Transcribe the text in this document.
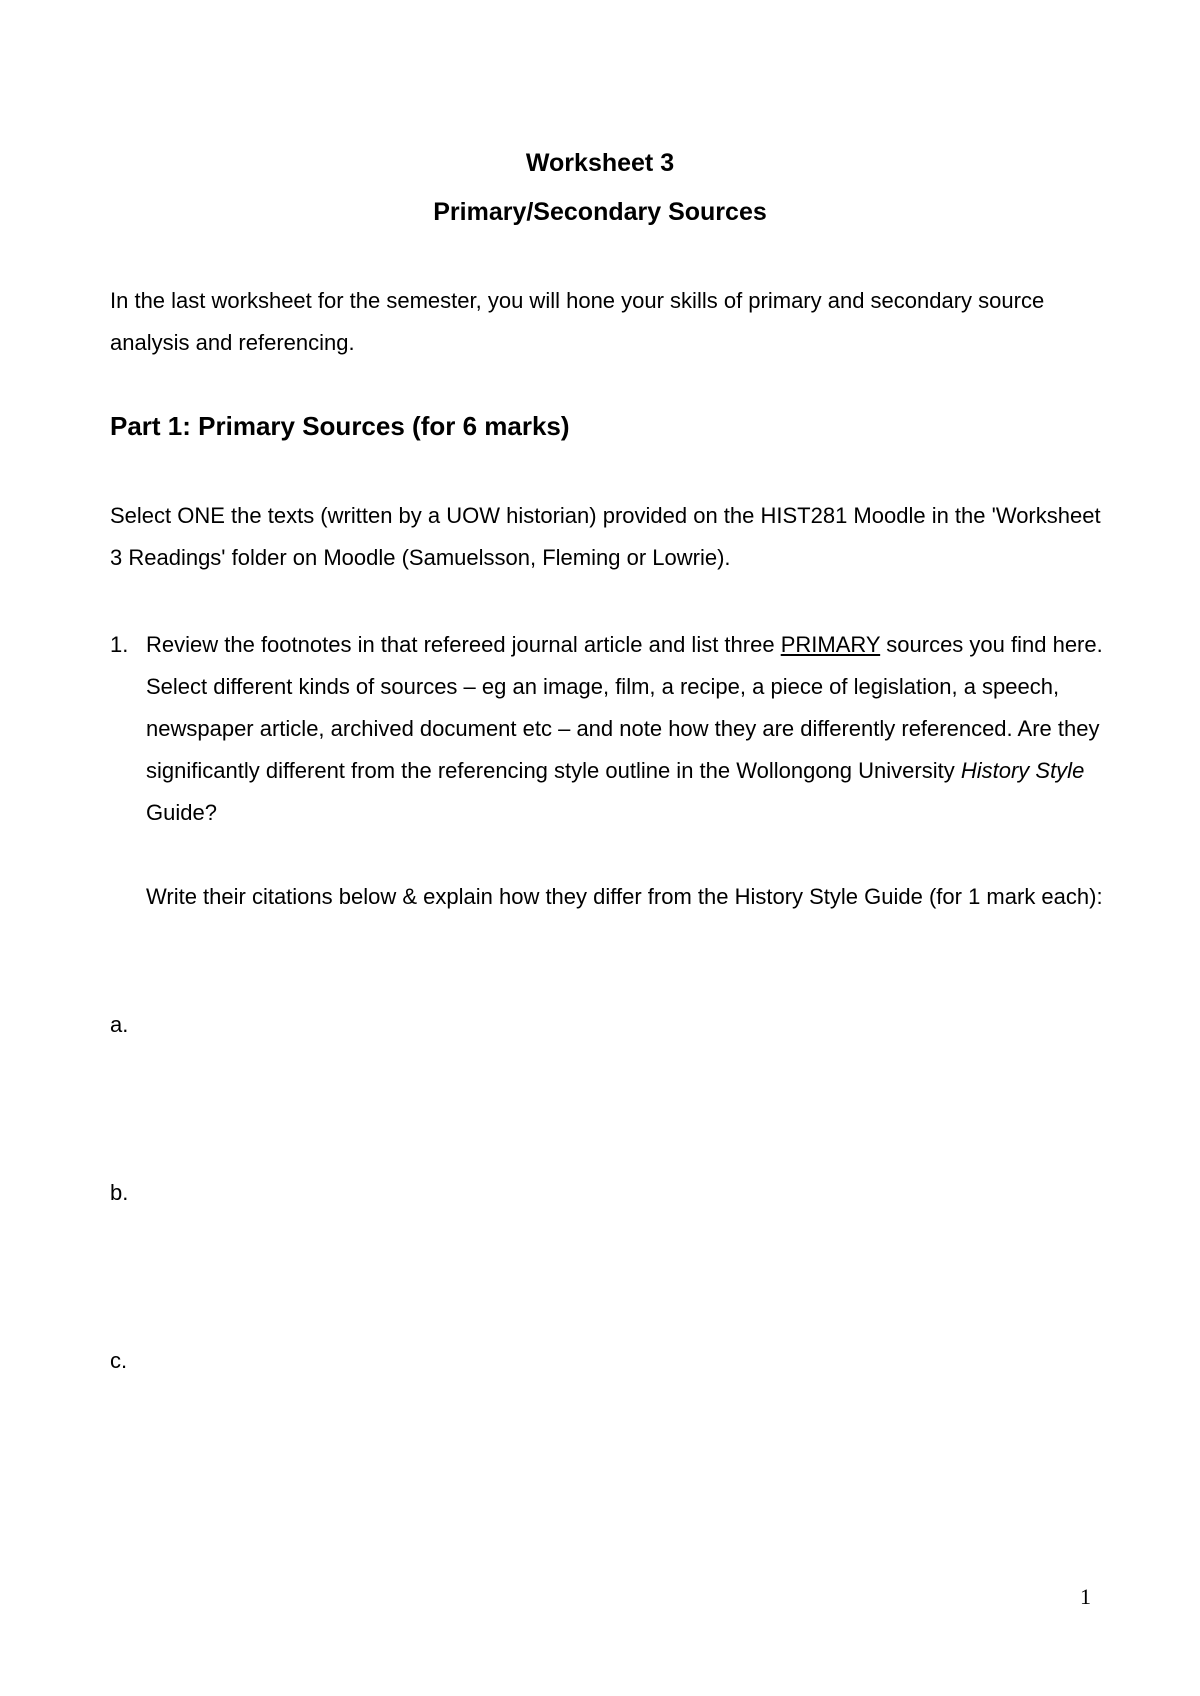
Worksheet 3
Primary/Secondary Sources

In the last worksheet for the semester, you will hone your skills of primary and secondary source analysis and referencing.

Part 1: Primary Sources (for 6 marks)

Select ONE the texts (written by a UOW historian) provided on the HIST281 Moodle in the 'Worksheet 3 Readings' folder on Moodle (Samuelsson, Fleming or Lowrie).

1. Review the footnotes in that refereed journal article and list three PRIMARY sources you find here. Select different kinds of sources – eg an image, film, a recipe, a piece of legislation, a speech, newspaper article, archived document etc – and note how they are differently referenced. Are they significantly different from the referencing style outline in the Wollongong University History Style Guide?

Write their citations below & explain how they differ from the History Style Guide (for 1 mark each):

a.
b.
c.
1
